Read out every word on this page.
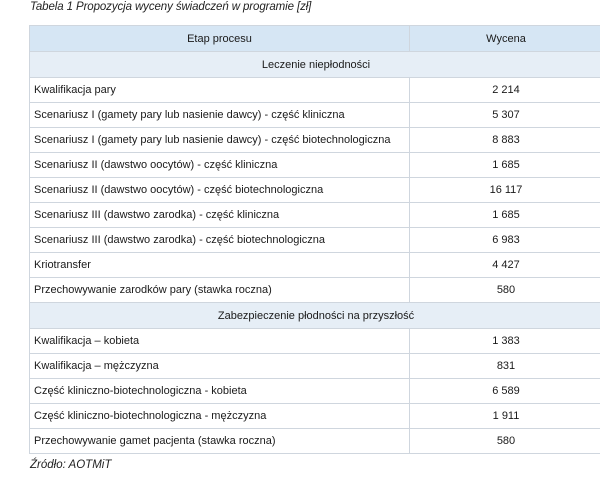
Tabela 1 Propozycja wyceny świadczeń w programie [zł]
Etap procesu	Wycena
Leczenie niepłodności	
Kwalifikacja pary	2 214
Scenariusz I (gamety pary lub nasienie dawcy) - część kliniczna	5 307
Scenariusz I (gamety pary lub nasienie dawcy) - część biotechnologiczna	8 883
Scenariusz II (dawstwo oocytów) - część kliniczna	1 685
Scenariusz II (dawstwo oocytów) - część biotechnologiczna	16 117
Scenariusz III (dawstwo zarodka) - część kliniczna	1 685
Scenariusz III (dawstwo zarodka) - część biotechnologiczna	6 983
Kriotransfer	4 427
Przechowywanie zarodków pary (stawka roczna)	580
Zabezpieczenie płodności na przyszłość	
Kwalifikacja – kobieta	1 383
Kwalifikacja – mężczyzna	831
Część kliniczno-biotechnologiczna - kobieta	6 589
Część kliniczno-biotechnologiczna - mężczyzna	1 911
Przechowywanie gamet pacjenta (stawka roczna)	580
Źródło: AOTMiT
